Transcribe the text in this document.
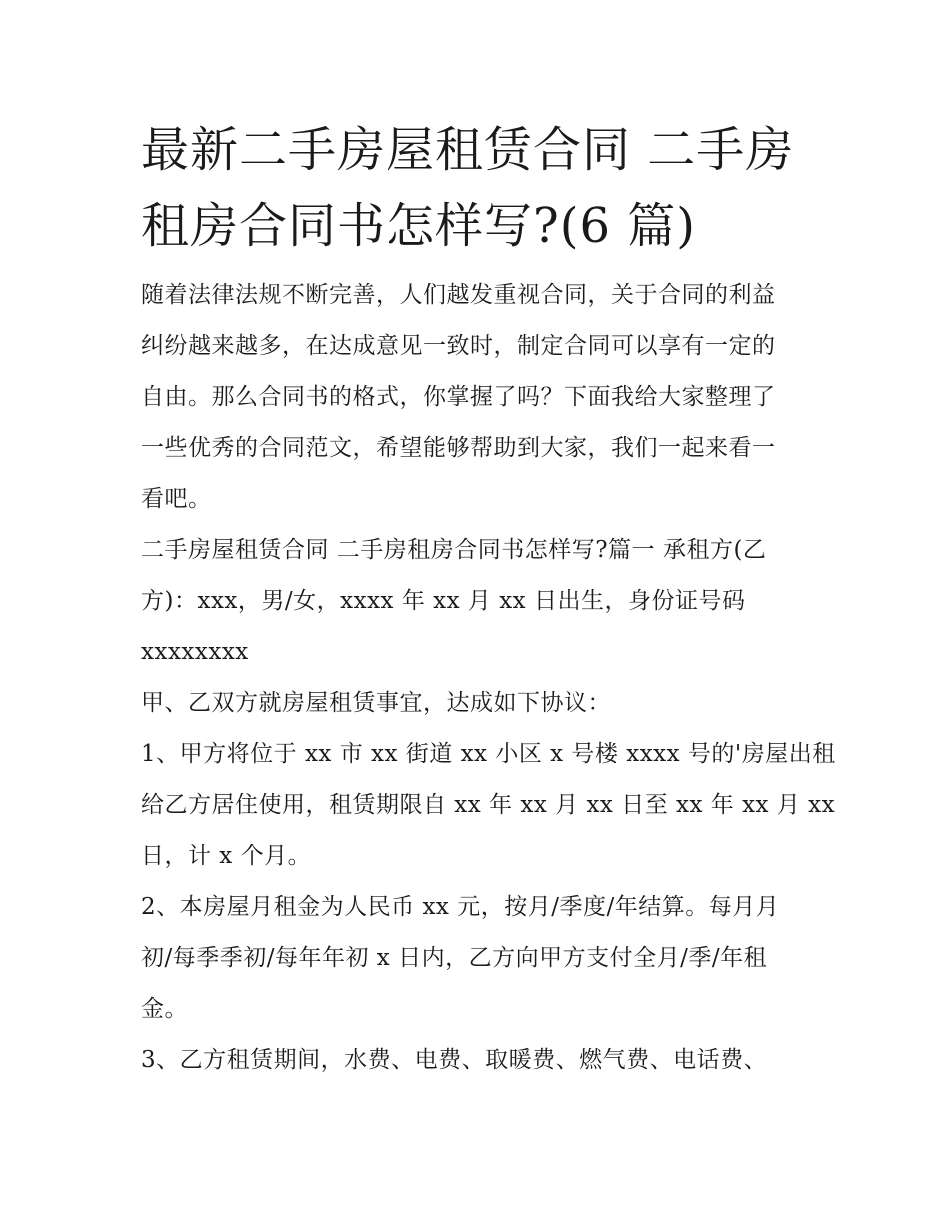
最新二手房屋租赁合同 二手房
租房合同书怎样写?(6 篇)

随着法律法规不断完善，人们越发重视合同，关于合同的利益
纠纷越来越多，在达成意见一致时，制定合同可以享有一定的
自由。那么合同书的格式，你掌握了吗？下面我给大家整理了
一些优秀的合同范文，希望能够帮助到大家，我们一起来看一
看吧。

二手房屋租赁合同 二手房租房合同书怎样写?篇一 承租方(乙
方)：xxx，男/女，xxxx 年 xx 月 xx 日出生，身份证号码
xxxxxxxx

甲、乙双方就房屋租赁事宜，达成如下协议：

1、甲方将位于 xx 市 xx 街道 xx 小区 x 号楼 xxxx 号的'房屋出租
给乙方居住使用，租赁期限自 xx 年 xx 月 xx 日至 xx 年 xx 月 xx
日，计 x 个月。

2、本房屋月租金为人民币 xx 元，按月/季度/年结算。每月月
初/每季季初/每年年初 x 日内，乙方向甲方支付全月/季/年租
金。

3、乙方租赁期间，水费、电费、取暖费、燃气费、电话费、
